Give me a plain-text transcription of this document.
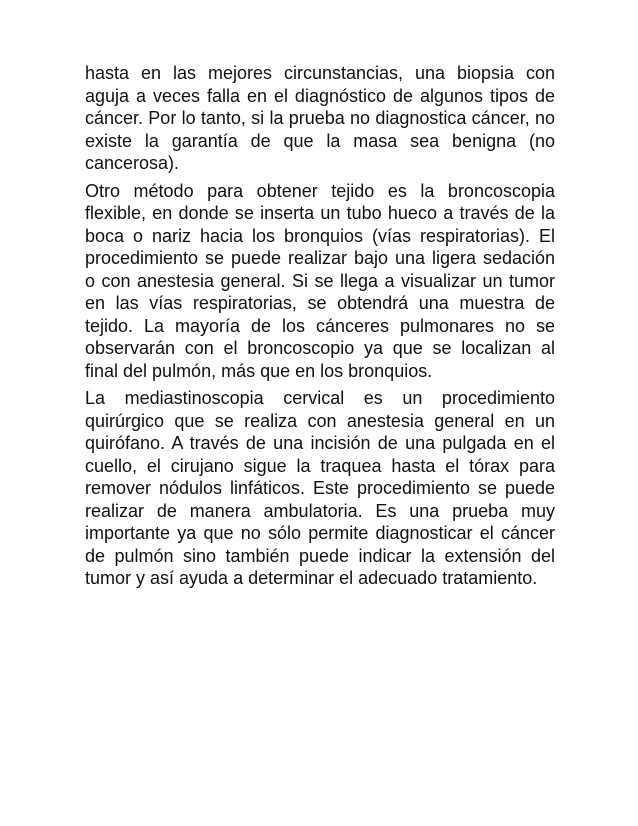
hasta en las mejores circunstancias, una biopsia con aguja a veces falla en el diagnóstico de algunos tipos de cáncer. Por lo tanto, si la prueba no diagnostica cáncer, no existe la garantía de que la masa sea benigna (no cancerosa).

Otro método para obtener tejido es la broncoscopia flexible, en donde se inserta un tubo hueco a través de la boca o nariz hacia los bronquios (vías respiratorias). El procedimiento se puede realizar bajo una ligera sedación o con anestesia general. Si se llega a visualizar un tumor en las vías respiratorias, se obtendrá una muestra de tejido. La mayoría de los cánceres pulmonares no se observarán con el broncoscopio ya que se localizan al final del pulmón, más que en los bronquios.

La mediastinoscopia cervical es un procedimiento quirúrgico que se realiza con anestesia general en un quirófano. A través de una incisión de una pulgada en el cuello, el cirujano sigue la traquea hasta el tórax para remover nódulos linfáticos. Este procedimiento se puede realizar de manera ambulatoria. Es una prueba muy importante ya que no sólo permite diagnosticar el cáncer de pulmón sino también puede indicar la extensión del tumor y así ayuda a determinar el adecuado tratamiento.
